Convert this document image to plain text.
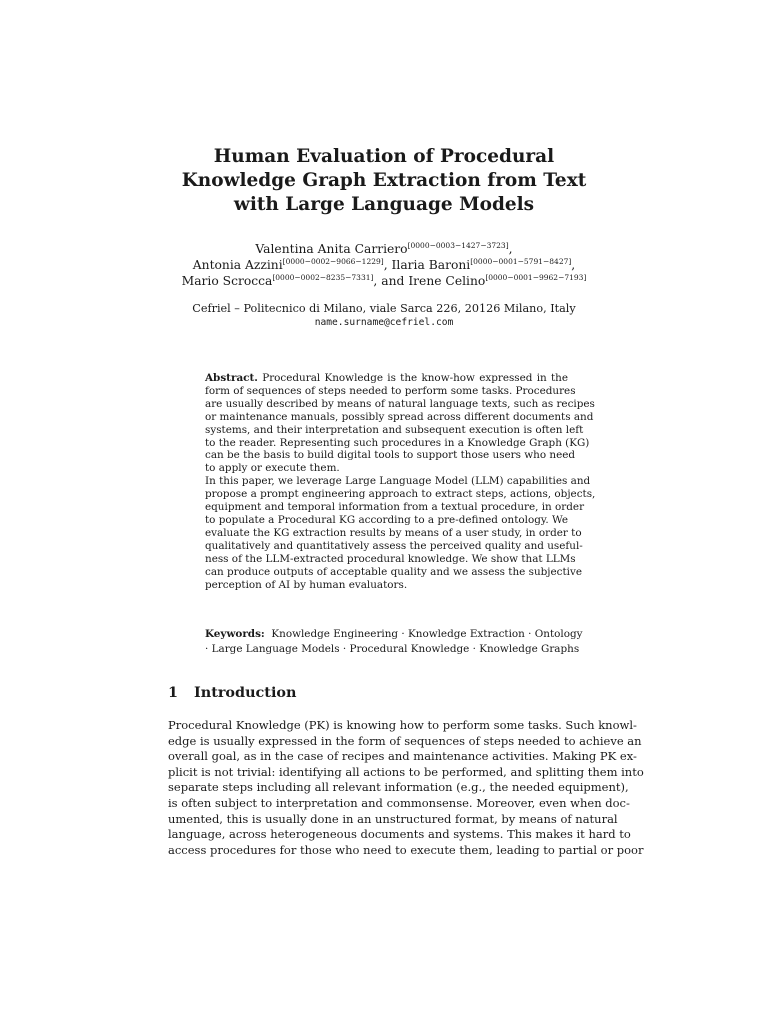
Human Evaluation of Procedural
Knowledge Graph Extraction from Text
with Large Language Models
Valentina Anita Carriero[0000−0003−1427−3723],
Antonia Azzini[0000−0002−9066−1229], Ilaria Baroni[0000−0001−5791−8427],
Mario Scrocca[0000−0002−8235−7331], and Irene Celino[0000−0001−9962−7193]
Cefriel – Politecnico di Milano, viale Sarca 226, 20126 Milano, Italy
name.surname@cefriel.com
Abstract. Procedural Knowledge is the know-how expressed in the
form of sequences of steps needed to perform some tasks. Procedures
are usually described by means of natural language texts, such as recipes
or maintenance manuals, possibly spread across different documents and
systems, and their interpretation and subsequent execution is often left
to the reader. Representing such procedures in a Knowledge Graph (KG)
can be the basis to build digital tools to support those users who need
to apply or execute them.
In this paper, we leverage Large Language Model (LLM) capabilities and
propose a prompt engineering approach to extract steps, actions, objects,
equipment and temporal information from a textual procedure, in order
to populate a Procedural KG according to a pre-defined ontology. We
evaluate the KG extraction results by means of a user study, in order to
qualitatively and quantitatively assess the perceived quality and useful-
ness of the LLM-extracted procedural knowledge. We show that LLMs
can produce outputs of acceptable quality and we assess the subjective
perception of AI by human evaluators.
Keywords: Knowledge Engineering · Knowledge Extraction · Ontology
· Large Language Models · Procedural Knowledge · Knowledge Graphs
1 Introduction
Procedural Knowledge (PK) is knowing how to perform some tasks. Such knowl-
edge is usually expressed in the form of sequences of steps needed to achieve an
overall goal, as in the case of recipes and maintenance activities. Making PK ex-
plicit is not trivial: identifying all actions to be performed, and splitting them into
separate steps including all relevant information (e.g., the needed equipment),
is often subject to interpretation and commonsense. Moreover, even when doc-
umented, this is usually done in an unstructured format, by means of natural
language, across heterogeneous documents and systems. This makes it hard to
access procedures for those who need to execute them, leading to partial or poor
